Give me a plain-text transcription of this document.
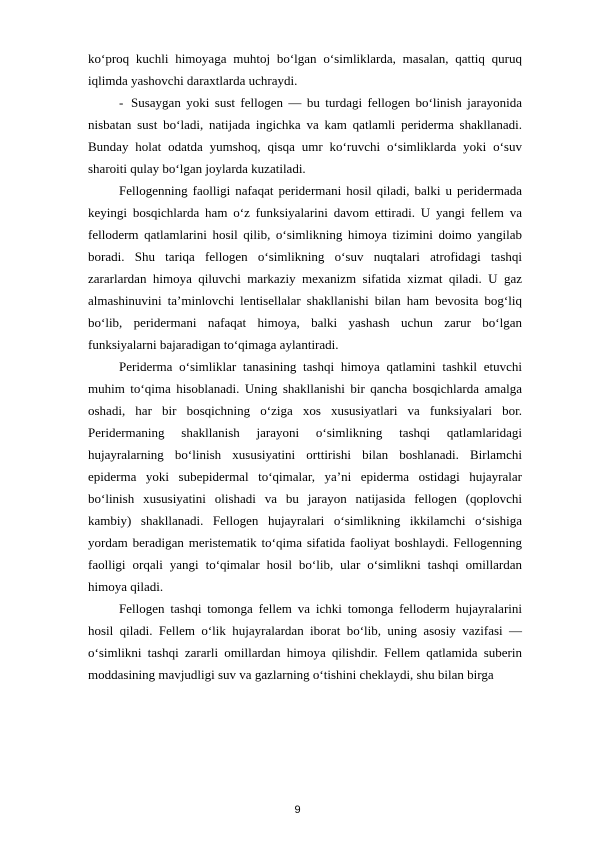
ko‘proq kuchli himoyaga muhtoj bo‘lgan o‘simliklarda, masalan, qattiq quruq iqlimda yashovchi daraxtlarda uchraydi.

- Susaygan yoki sust fellogen — bu turdagi fellogen bo‘linish jarayonida nisbatan sust bo‘ladi, natijada ingichka va kam qatlamli periderma shakllanadi. Bunday holat odatda yumshoq, qisqa umr ko‘ruvchi o‘simliklarda yoki o‘suv sharoiti qulay bo‘lgan joylarda kuzatiladi.

Fellogenning faolligi nafaqat peridermani hosil qiladi, balki u peridermada keyingi bosqichlarda ham o‘z funksiyalarini davom ettiradi. U yangi fellem va felloderm qatlamlarini hosil qilib, o‘simlikning himoya tizimini doimo yangilab boradi. Shu tariqa fellogen o‘simlikning o‘suv nuqtalari atrofidagi tashqi zararlardan himoya qiluvchi markaziy mexanizm sifatida xizmat qiladi. U gaz almashinuvini ta’minlovchi lentisellalar shakllanishi bilan ham bevosita bog‘liq bo‘lib, peridermani nafaqat himoya, balki yashash uchun zarur bo‘lgan funksiyalarni bajaradigan to‘qimaga aylantiradi.

Periderma o‘simliklar tanasining tashqi himoya qatlamini tashkil etuvchi muhim to‘qima hisoblanadi. Uning shakllanishi bir qancha bosqichlarda amalga oshadi, har bir bosqichning o‘ziga xos xususiyatlari va funksiyalari bor. Peridermaning shakllanish jarayoni o‘simlikning tashqi qatlamlaridagi hujayralarning bo‘linish xususiyatini orttirishi bilan boshlanadi. Birlamchi epiderma yoki subepidermal to‘qimalar, ya’ni epiderma ostidagi hujayralar bo‘linish xususiyatini olishadi va bu jarayon natijasida fellogen (qoplovchi kambiy) shakllanadi. Fellogen hujayralari o‘simlikning ikkilamchi o‘sishiga yordam beradigan meristematik to‘qima sifatida faoliyat boshlaydi. Fellogenning faolligi orqali yangi to‘qimalar hosil bo‘lib, ular o‘simlikni tashqi omillardan himoya qiladi.

Fellogen tashqi tomonga fellem va ichki tomonga felloderm hujayralarini hosil qiladi. Fellem o‘lik hujayralardan iborat bo‘lib, uning asosiy vazifasi — o‘simlikni tashqi zararli omillardan himoya qilishdir. Fellem qatlamida suberin moddasining mavjudligi suv va gazlarning o‘tishini cheklaydi, shu bilan birga

9
